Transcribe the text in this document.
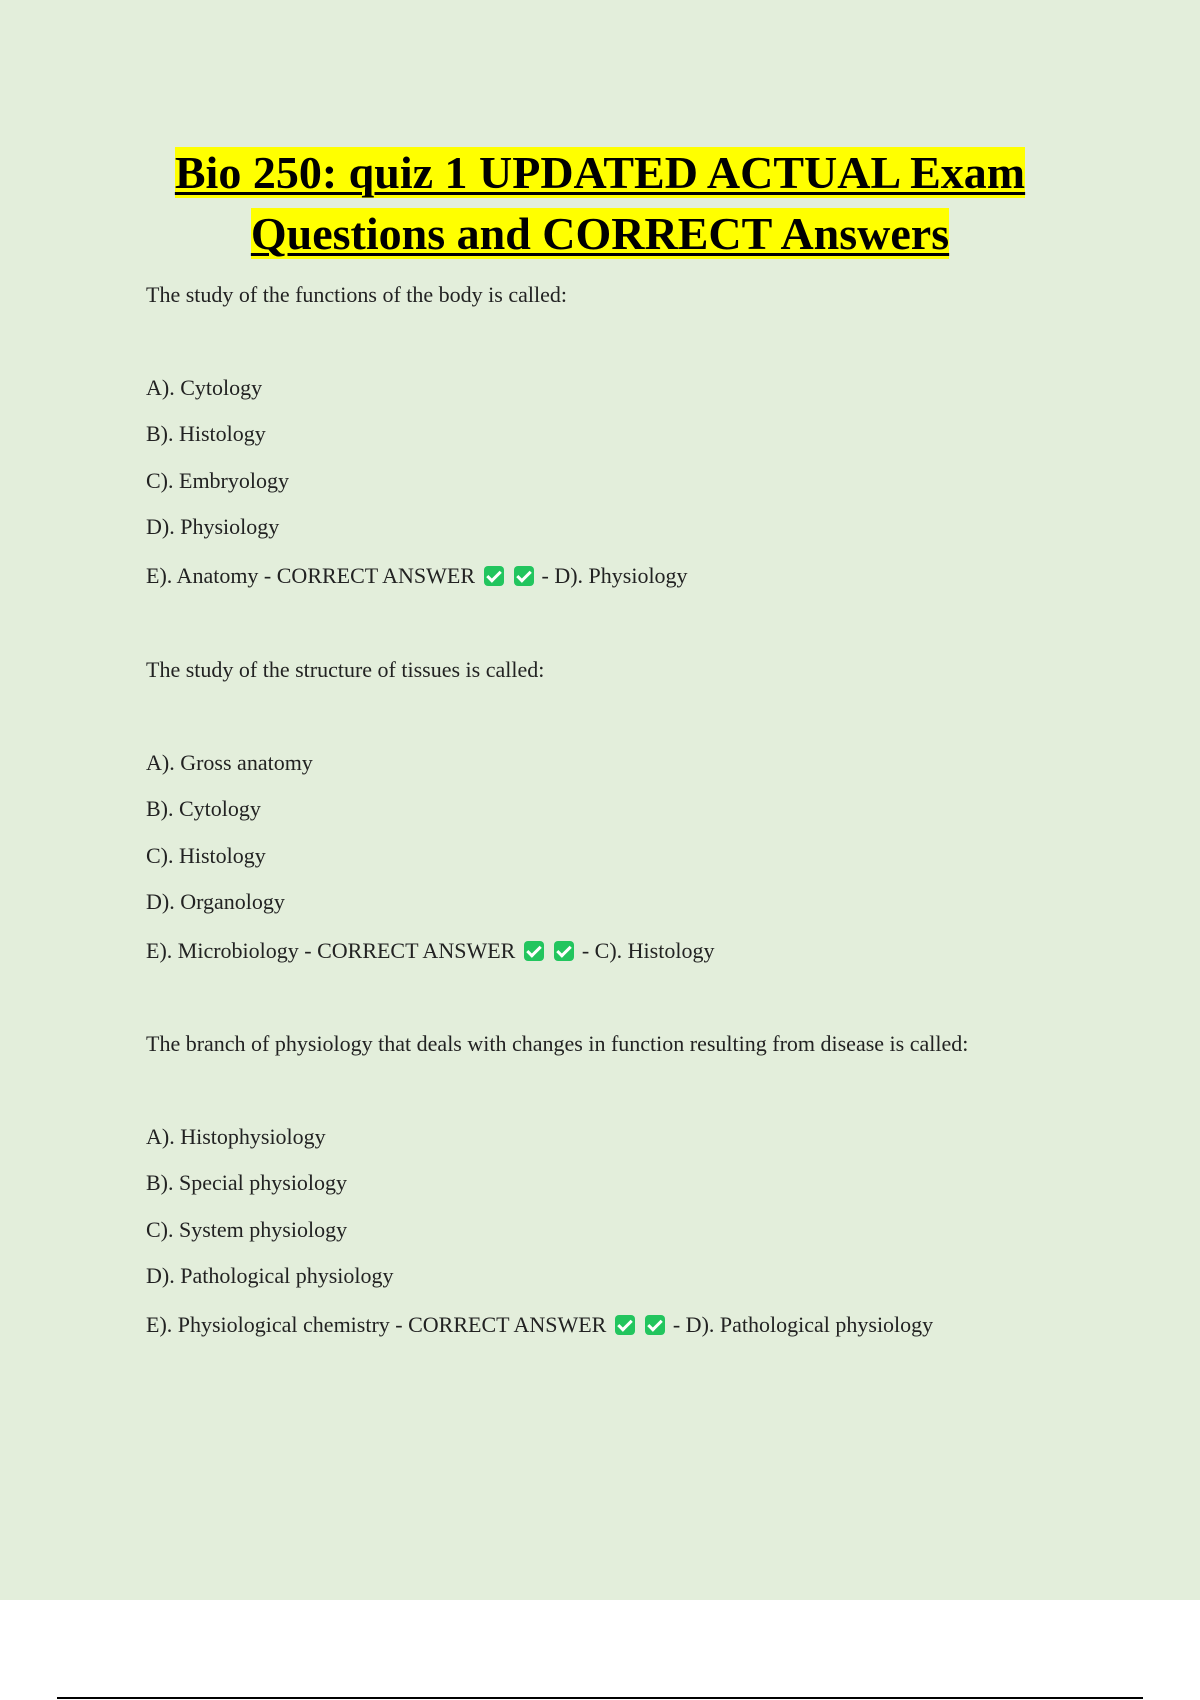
Bio 250: quiz 1 UPDATED ACTUAL Exam
Questions and CORRECT Answers
The study of the functions of the body is called:
A). Cytology
B). Histology
C). Embryology
D). Physiology
E). Anatomy - CORRECT ANSWER	- D). Physiology
The study of the structure of tissues is called:
A). Gross anatomy
B). Cytology
C). Histology
D). Organology
E). Microbiology - CORRECT ANSWER	- C). Histology
The branch of physiology that deals with changes in function resulting from disease is called:
A). Histophysiology
B). Special physiology
C). System physiology
D). Pathological physiology
E). Physiological chemistry - CORRECT ANSWER	- D). Pathological physiology
